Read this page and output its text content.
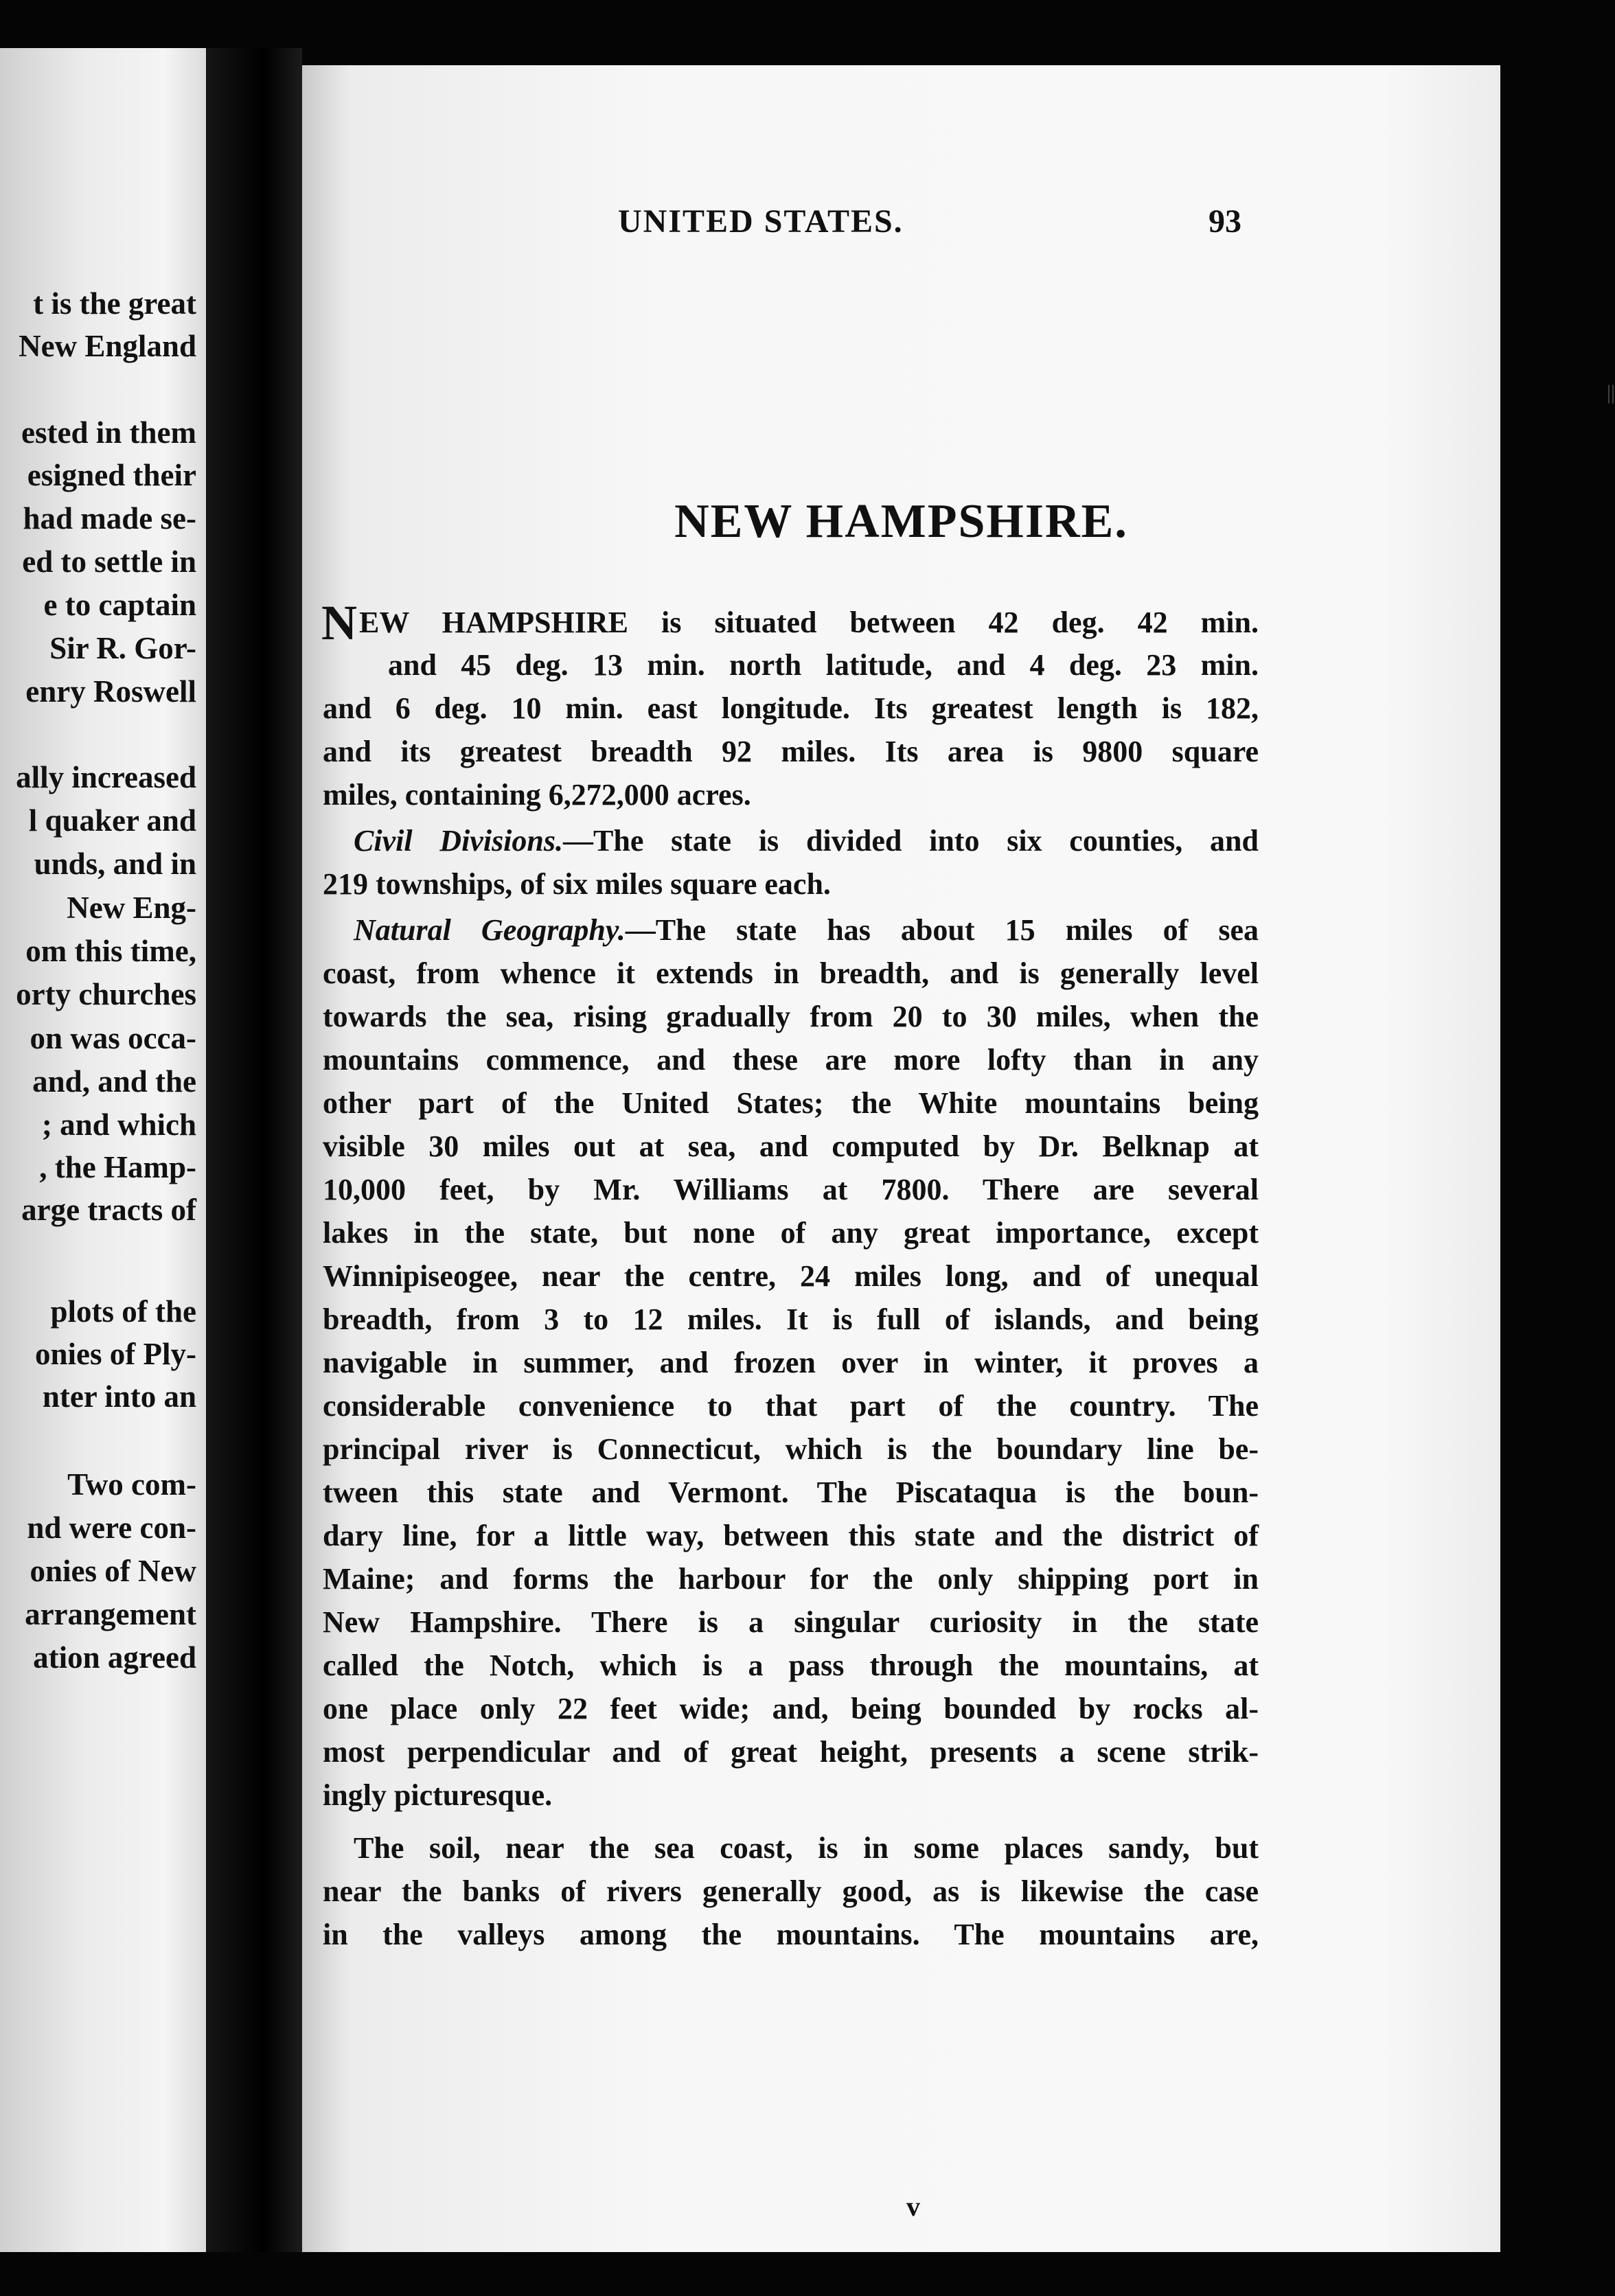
t is the great
New England
ested in them
esigned their
had made se-
ed to settle in
e to captain
Sir R. Gor-
enry Roswell
ally increased
l quaker and
unds, and in
New Eng-
om this time,
orty churches
on was occa-
and, and the
; and which
, the Hamp-
arge tracts of
plots of the
onies of Ply-
nter into an
Two com-
nd were con-
onies of New
arrangement
ation agreed
UNITED STATES.	93
||
NEW HAMPSHIRE.
N EW HAMPSHIRE is situated between 42 deg. 42 min.
and 45 deg. 13 min. north latitude, and 4 deg. 23 min.
and 6 deg. 10 min. east longitude. Its greatest length is 182,
and its greatest breadth 92 miles. Its area is 9800 square
miles, containing 6,272,000 acres.
Civil Divisions.—The state is divided into six counties, and
219 townships, of six miles square each.
Natural Geography.—The state has about 15 miles of sea
coast, from whence it extends in breadth, and is generally level
towards the sea, rising gradually from 20 to 30 miles, when the
mountains commence, and these are more lofty than in any
other part of the United States; the White mountains being
visible 30 miles out at sea, and computed by Dr. Belknap at
10,000 feet, by Mr. Williams at 7800. There are several
lakes in the state, but none of any great importance, except
Winnipiseogee, near the centre, 24 miles long, and of unequal
breadth, from 3 to 12 miles. It is full of islands, and being
navigable in summer, and frozen over in winter, it proves a
considerable convenience to that part of the country. The
principal river is Connecticut, which is the boundary line be-
tween this state and Vermont. The Piscataqua is the boun-
dary line, for a little way, between this state and the district of
Maine; and forms the harbour for the only shipping port in
New Hampshire. There is a singular curiosity in the state
called the Notch, which is a pass through the mountains, at
one place only 22 feet wide; and, being bounded by rocks al-
most perpendicular and of great height, presents a scene strik-
ingly picturesque.
The soil, near the sea coast, is in some places sandy, but
near the banks of rivers generally good, as is likewise the case
in the valleys among the mountains. The mountains are,
v
